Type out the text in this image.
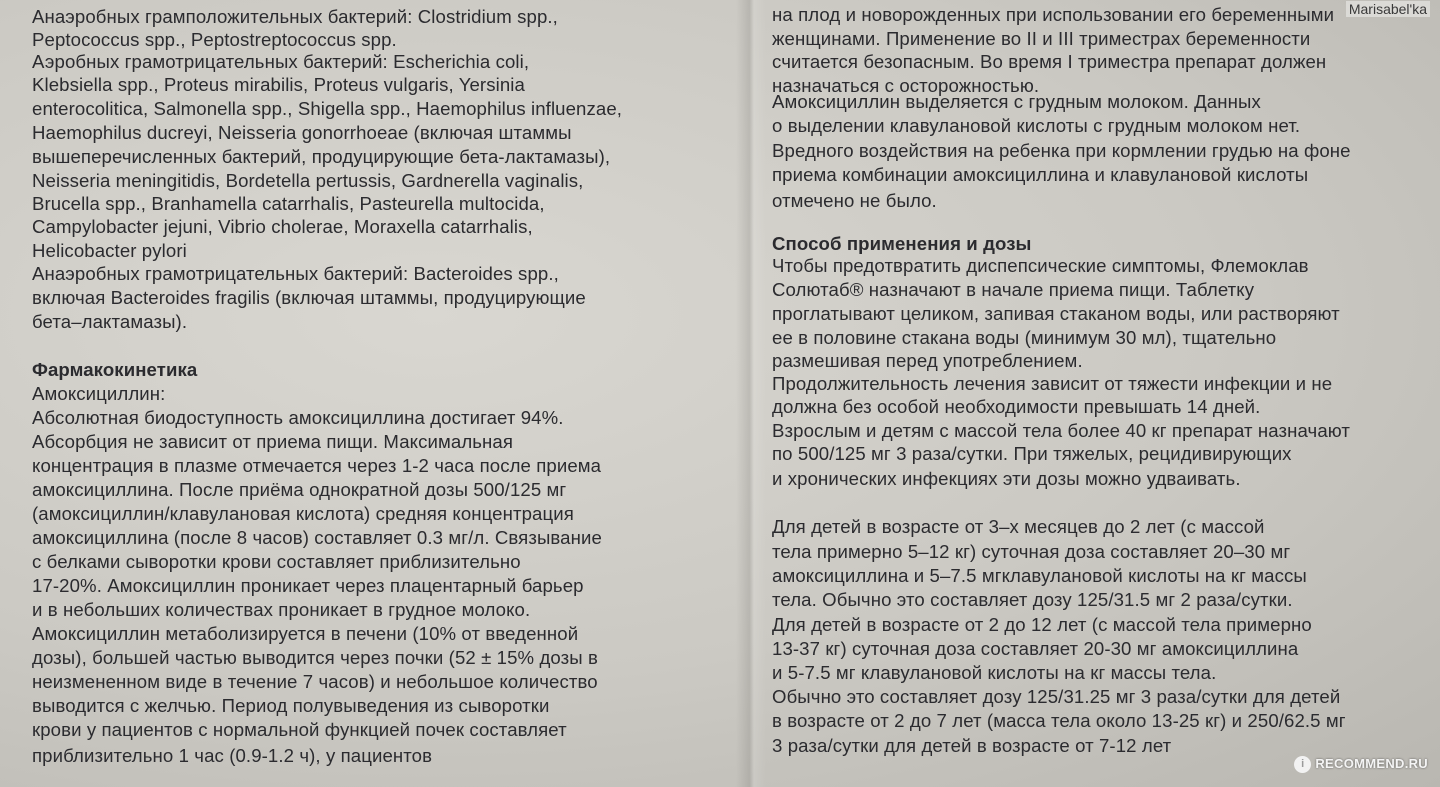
Анаэробных грамположительных бактерий: Clostridium spp.,
Peptococcus spp., Peptostreptococcus spp.
Аэробных грамотрицательных бактерий: Escherichia coli,
Klebsiella spp., Proteus mirabilis, Proteus vulgaris, Yersinia
enterocolitica, Salmonella spp., Shigella spp., Haemophilus influenzae,
Haemophilus ducreyi, Neisseria gonorrhoeae (включая штаммы
вышеперечисленных бактерий, продуцирующие бета-лактамазы),
Neisseria meningitidis, Bordetella pertussis, Gardnerella vaginalis,
Brucella spp., Branhamella catarrhalis, Pasteurella multocida,
Campylobacter jejuni, Vibrio cholerae, Moraxella catarrhalis,
Helicobacter pylori
Анаэробных грамотрицательных бактерий: Bacteroides spp.,
включая Bacteroides fragilis (включая штаммы, продуцирующие
бета–лактамазы).
Фармакокинетика
Амоксициллин:
Абсолютная биодоступность амоксициллина достигает 94%.
Абсорбция не зависит от приема пищи. Максимальная
концентрация в плазме отмечается через 1-2 часа после приема
амоксициллина. После приёма однократной дозы 500/125 мг
(амоксициллин/клавулановая кислота) средняя концентрация
амоксициллина (после 8 часов) составляет 0.3 мг/л. Связывание
с белками сыворотки крови составляет приблизительно
17-20%. Амоксициллин проникает через плацентарный барьер
и в небольших количествах проникает в грудное молоко.
Амоксициллин метаболизируется в печени (10% от введенной
дозы), большей частью выводится через почки (52 ± 15% дозы в
неизмененном виде в течение 7 часов) и небольшое количество
выводится с желчью. Период полувыведения из сыворотки
крови у пациентов с нормальной функцией почек составляет
приблизительно 1 час (0.9-1.2 ч), у пациентов
на плод и новорожденных при использовании его беременными
женщинами. Применение во II и III триместрах беременности
считается безопасным. Во время I триместра препарат должен
назначаться с осторожностью.
Амоксициллин выделяется с грудным молоком. Данных
о выделении клавулановой кислоты с грудным молоком нет.
Вредного воздействия на ребенка при кормлении грудью на фоне
приема комбинации амоксициллина и клавулановой кислоты
отмечено не было.
Способ применения и дозы
Чтобы предотвратить диспепсические симптомы, Флемоклав
Солютаб® назначают в начале приема пищи. Таблетку
проглатывают целиком, запивая стаканом воды, или растворяют
ее в половине стакана воды (минимум 30 мл), тщательно
размешивая перед употреблением.
Продолжительность лечения зависит от тяжести инфекции и не
должна без особой необходимости превышать 14 дней.
Взрослым и детям с массой тела более 40 кг препарат назначают
по 500/125 мг 3 раза/сутки. При тяжелых, рецидивирующих
и хронических инфекциях эти дозы можно удваивать.
Для детей в возрасте от 3–х месяцев до 2 лет (с массой
тела примерно 5–12 кг) суточная доза составляет 20–30 мг
амоксициллина и 5–7.5 мгклавулановой кислоты на кг массы
тела. Обычно это составляет дозу 125/31.5 мг 2 раза/сутки.
Для детей в возрасте от 2 до 12 лет (с массой тела примерно
13-37 кг) суточная доза составляет 20-30 мг амоксициллина
и 5-7.5 мг клавулановой кислоты на кг массы тела.
Обычно это составляет дозу 125/31.25 мг 3 раза/сутки для детей
в возрасте от 2 до 7 лет (масса тела около 13-25 кг) и 250/62.5 мг
3 раза/сутки для детей в возрасте от 7-12 лет
Marisabel'ka
i RECOMMEND.RU
